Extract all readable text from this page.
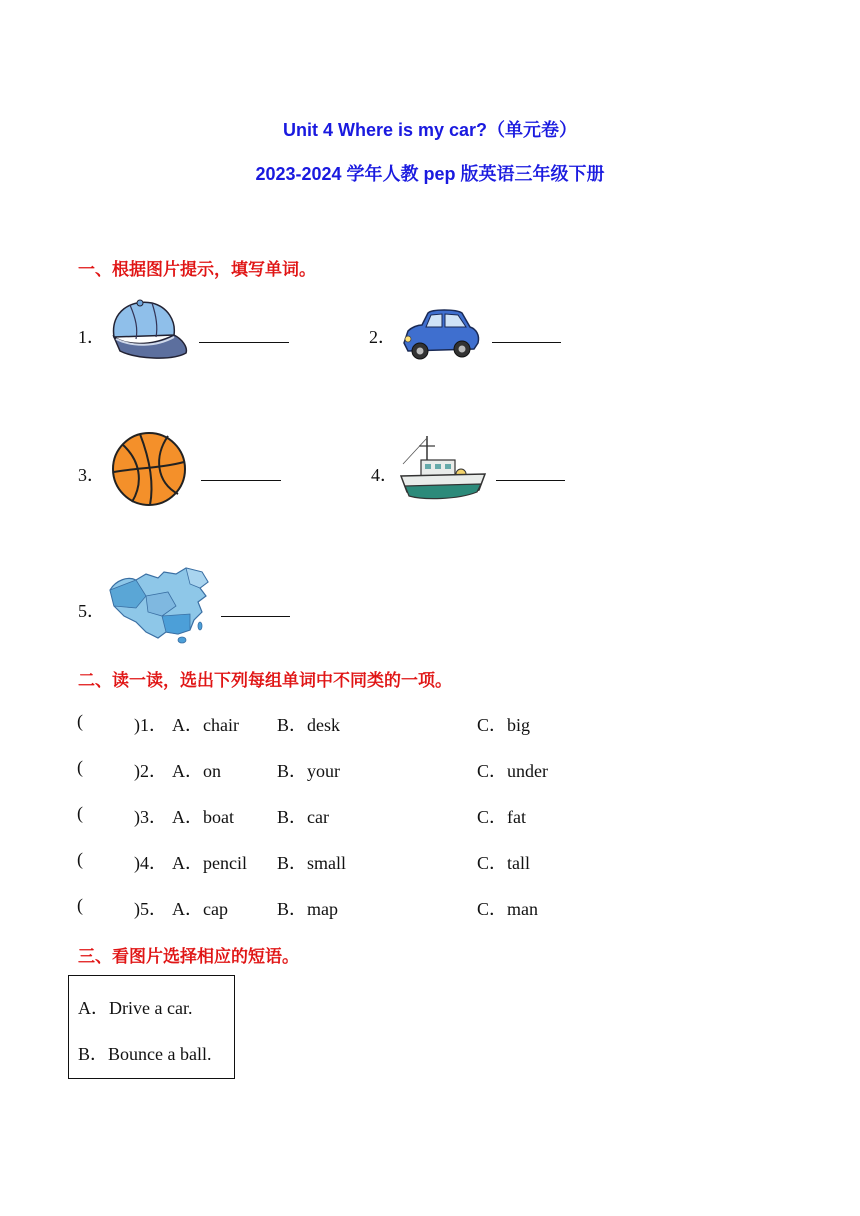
Unit 4 Where is my car?（单元卷）
2023-2024 学年人教 pep 版英语三年级下册
一、根据图片提示，填写单词。
1．	2．
3．	4．
5．
二、读一读，选出下列每组单词中不同类的一项。
(	)1． A．chair B．desk	C．big
(	)2． A．on	B．your	C．under
(	)3． A．boat B．car	C．fat
(	)4． A．pencil B．small	C．tall
(	)5． A．cap	B．map	C．man
三、看图片选择相应的短语。
A．Drive a car.
B．Bounce a ball.
